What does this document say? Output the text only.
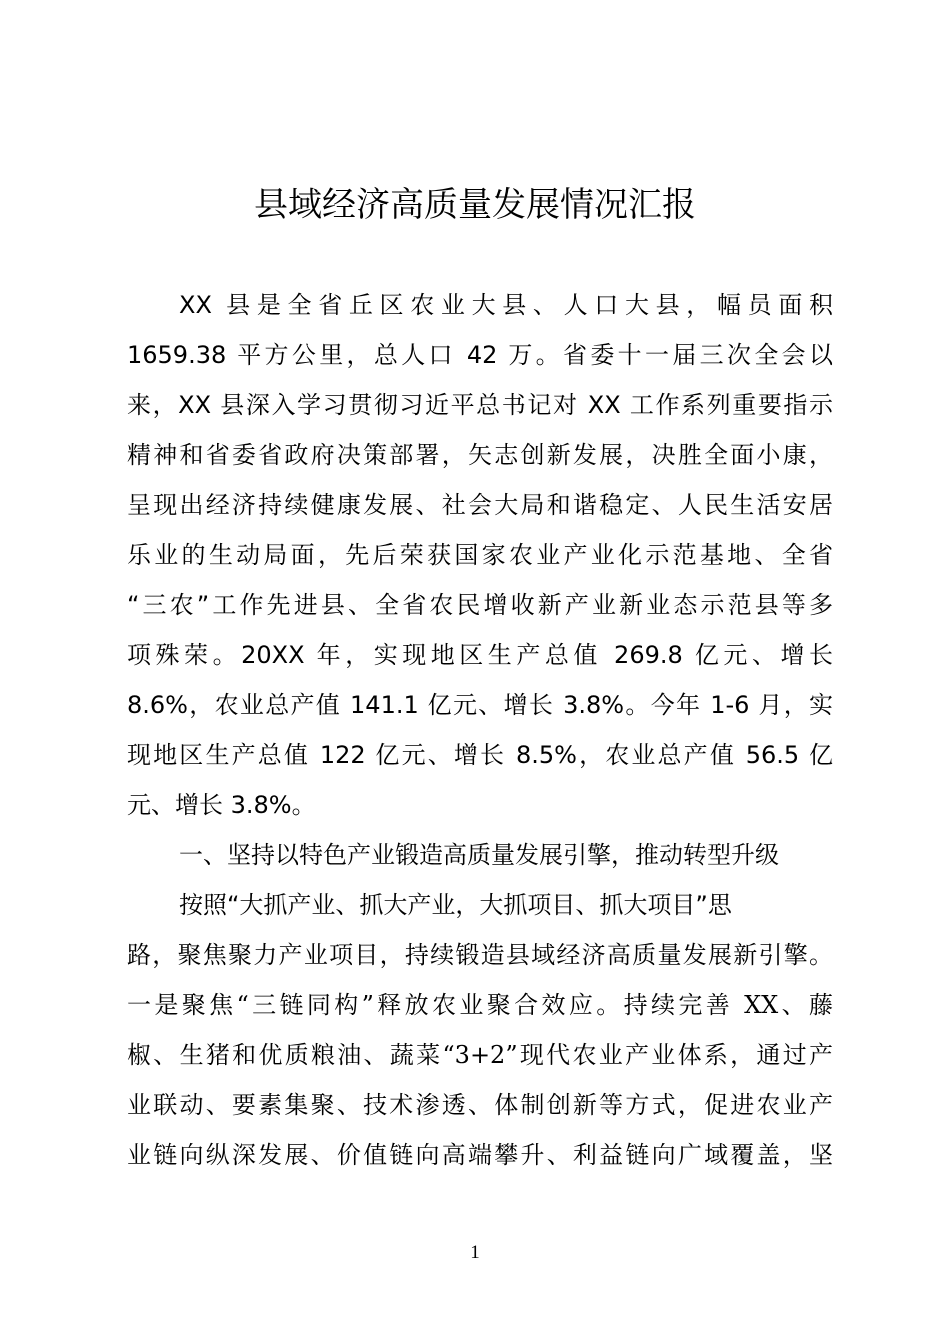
县域经济高质量发展情况汇报
XX 县是全省丘区农业大县、人口大县，幅员面积
1659.38 平方公里，总人口 42 万。省委十一届三次全会以
来，XX 县深入学习贯彻习近平总书记对 XX 工作系列重要指示
精神和省委省政府决策部署，矢志创新发展，决胜全面小康，
呈现出经济持续健康发展、社会大局和谐稳定、人民生活安居
乐业的生动局面，先后荣获国家农业产业化示范基地、全省
“三农”工作先进县、全省农民增收新产业新业态示范县等多
项殊荣。20XX 年，实现地区生产总值 269.8 亿元、增长
8.6%，农业总产值 141.1 亿元、增长 3.8%。今年 1-6 月，实
现地区生产总值 122 亿元、增长 8.5%，农业总产值 56.5 亿
元、增长 3.8%。
一、坚持以特色产业锻造高质量发展引擎，推动转型升级
按照“大抓产业、抓大产业，大抓项目、抓大项目”思
路，聚焦聚力产业项目，持续锻造县域经济高质量发展新引擎。
一是聚焦“三链同构”释放农业聚合效应。持续完善 XX、藤
椒、生猪和优质粮油、蔬菜“3+2”现代农业产业体系，通过产
业联动、要素集聚、技术渗透、体制创新等方式，促进农业产
业链向纵深发展、价值链向高端攀升、利益链向广域覆盖，坚
1
